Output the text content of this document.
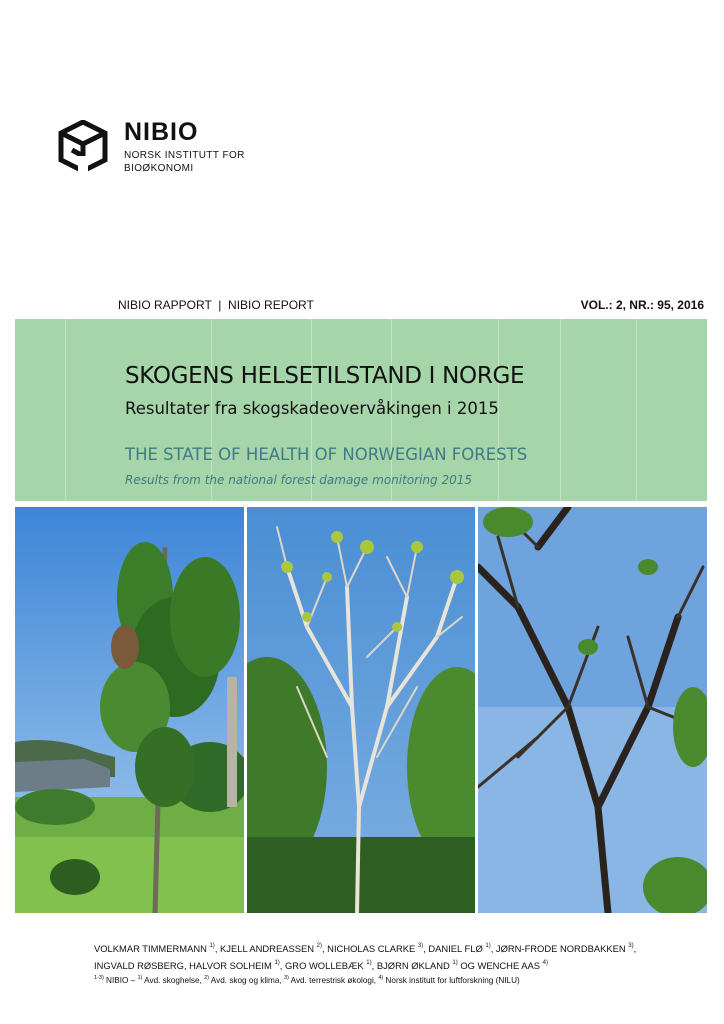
NIBIO
NORSK INSTITUTT FOR
BIOØKONOMI
NIBIO RAPPORT  |  NIBIO REPORT	VOL.: 2, NR.: 95, 2016
SKOGENS HELSETILSTAND I NORGE
Resultater fra skogskadeovervåkingen i 2015
THE STATE OF HEALTH OF NORWEGIAN FORESTS
Results from the national forest damage monitoring 2015
VOLKMAR TIMMERMANN $^{1)}$, KJELL ANDREASSEN $^{2)}$, NICHOLAS CLARKE $^{3)}$, DANIEL FLØ $^{1)}$, JØRN-FRODE NORDBAKKEN $^{3)}$,
INGVALD RØSBERG, HALVOR SOLHEIM $^{1)}$, GRO WOLLEBÆK $^{1)}$, BJØRN ØKLAND $^{1)}$ OG WENCHE AAS $^{4)}$
$^{1-3)}$ NIBIO – $^{1)}$ Avd. skoghelse, $^{2)}$ Avd. skog og klima, $^{3)}$ Avd. terrestrisk økologi, $^{4)}$ Norsk institutt for luftforskning (NILU)
